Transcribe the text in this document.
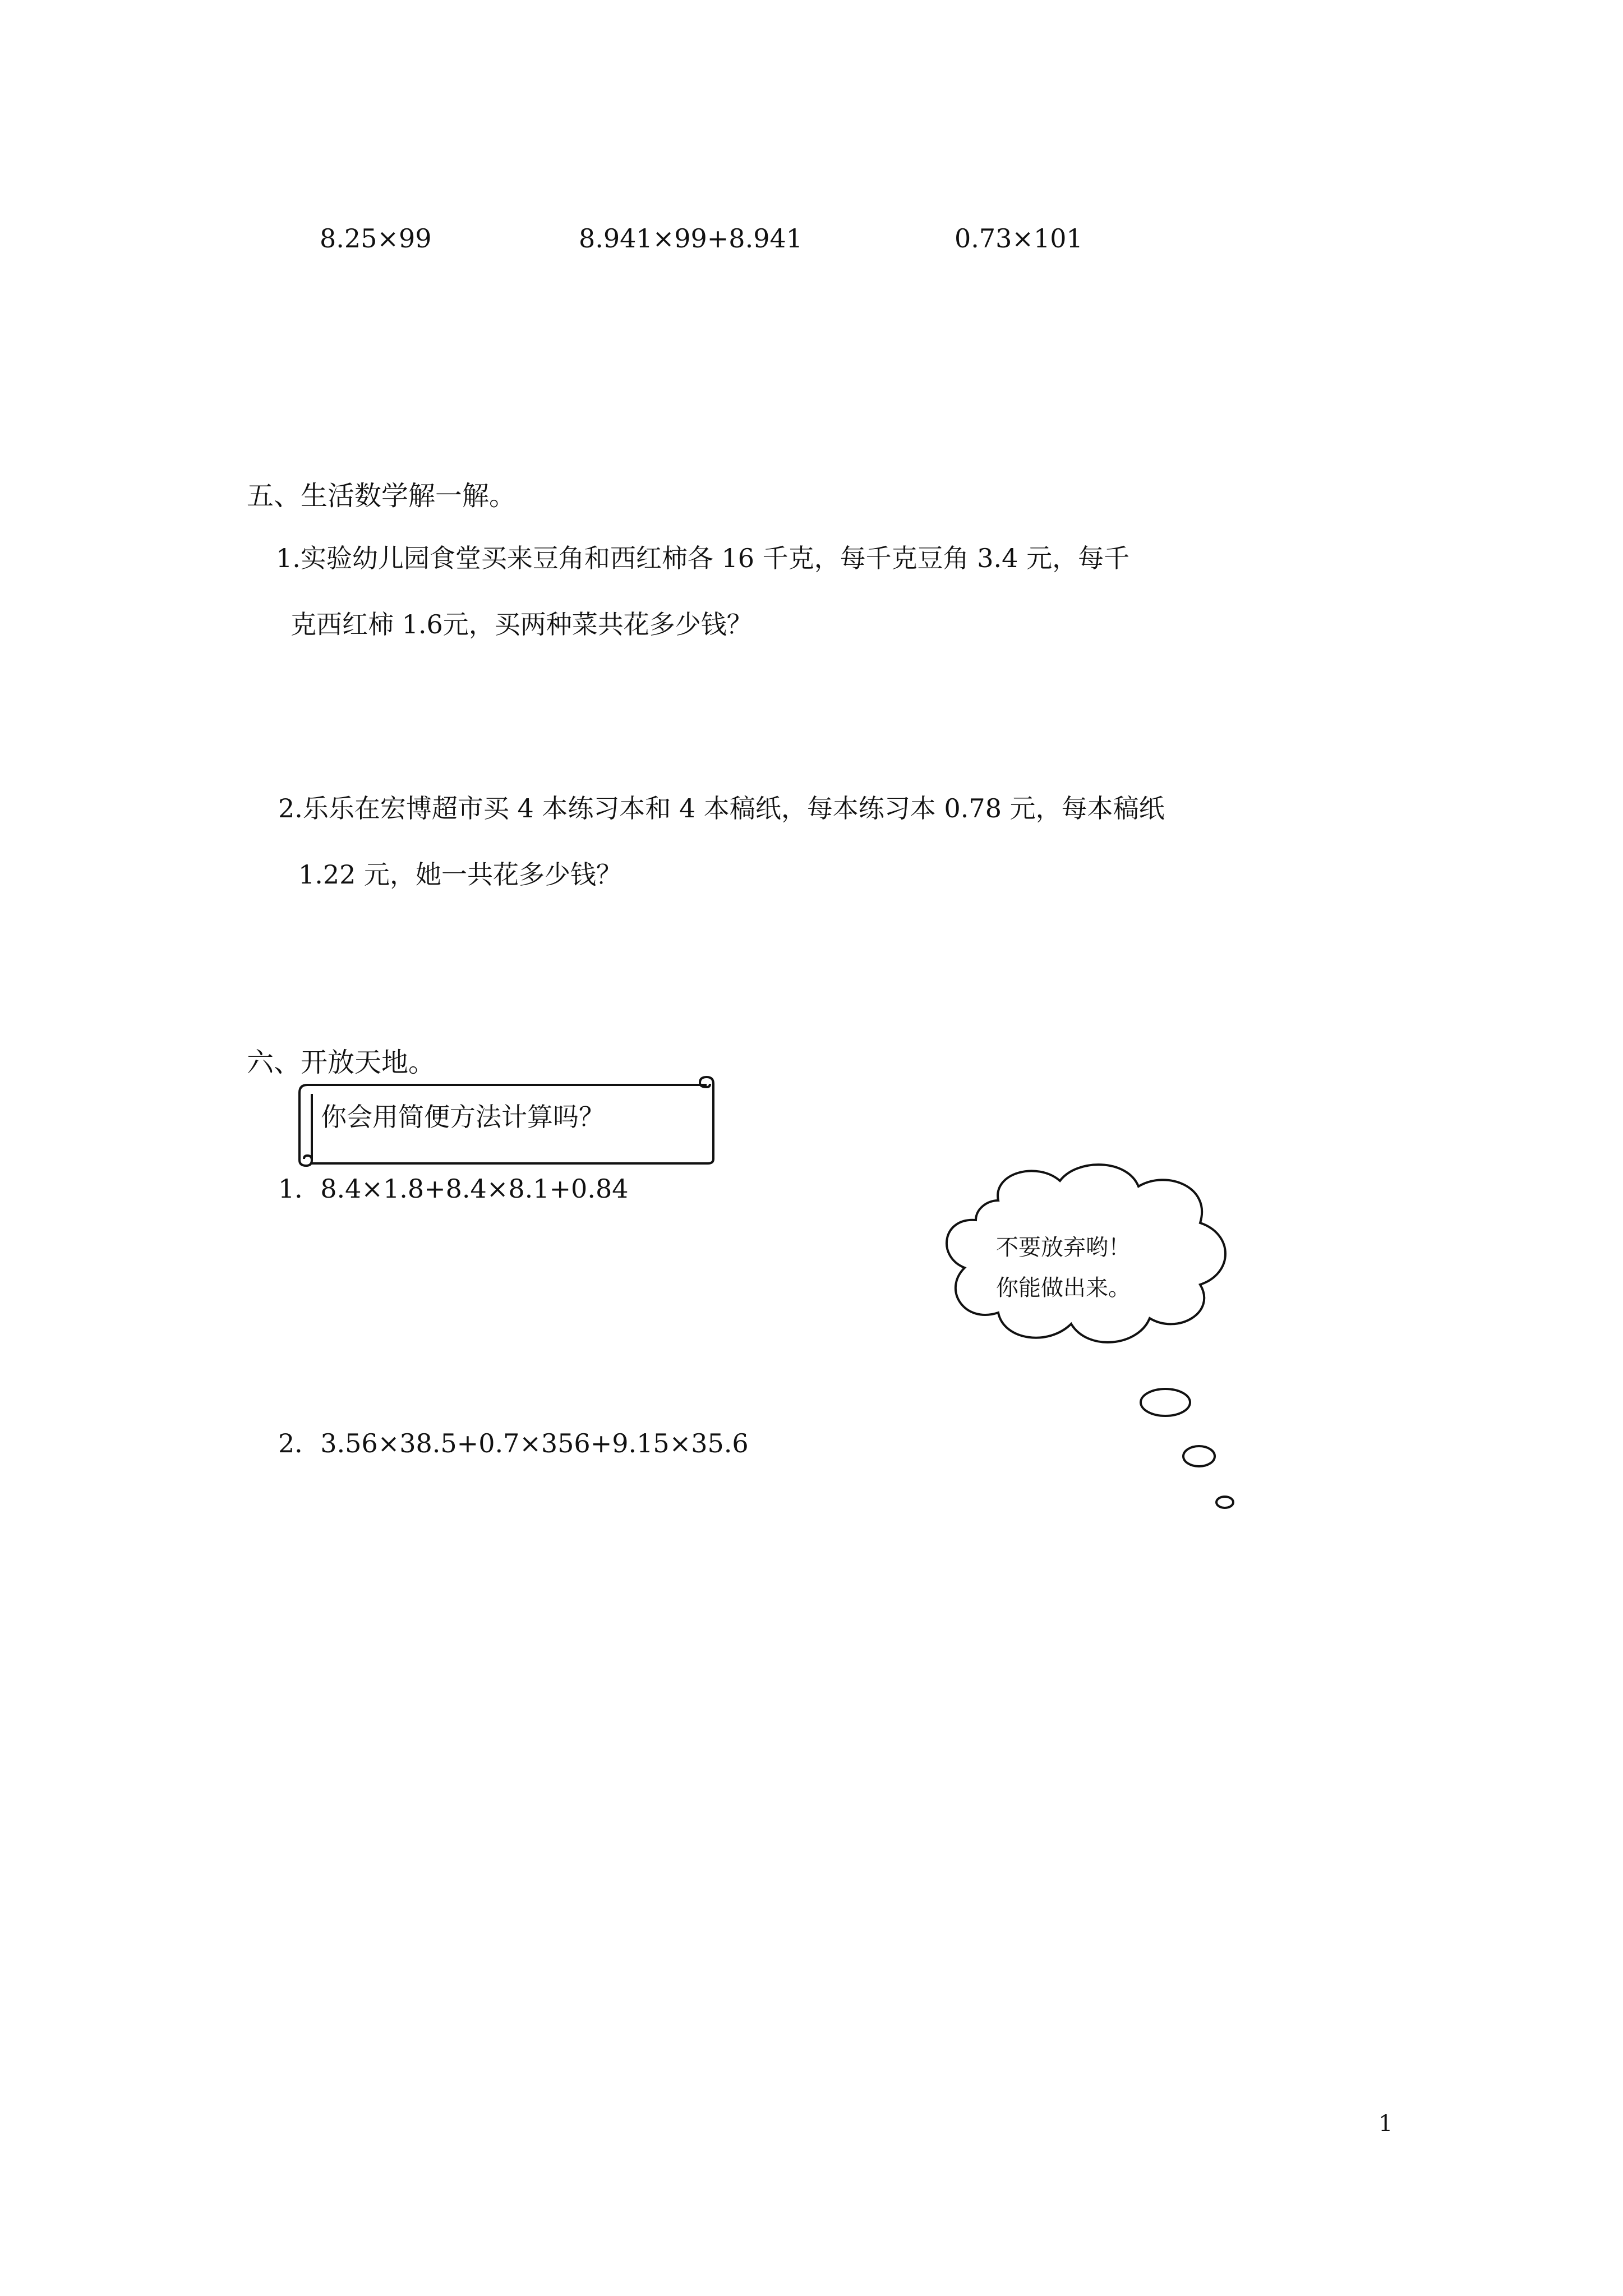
8.25×99	8.941×99+8.941	0.73×101
五、生活数学解一解。
1.实验幼儿园食堂买来豆角和西红柿各 16 千克，每千克豆角 3.4 元，每千
克西红柿 1.6元，买两种菜共花多少钱？
2.乐乐在宏博超市买 4 本练习本和 4 本稿纸，每本练习本 0.78 元，每本稿纸
1.22 元，她一共花多少钱？
六、开放天地。
你会用简便方法计算吗？
1．8.4×1.8+8.4×8.1+0.84
2．3.56×38.5+0.7×356+9.15×35.6
不要放弃哟！
你能做出来。
1
